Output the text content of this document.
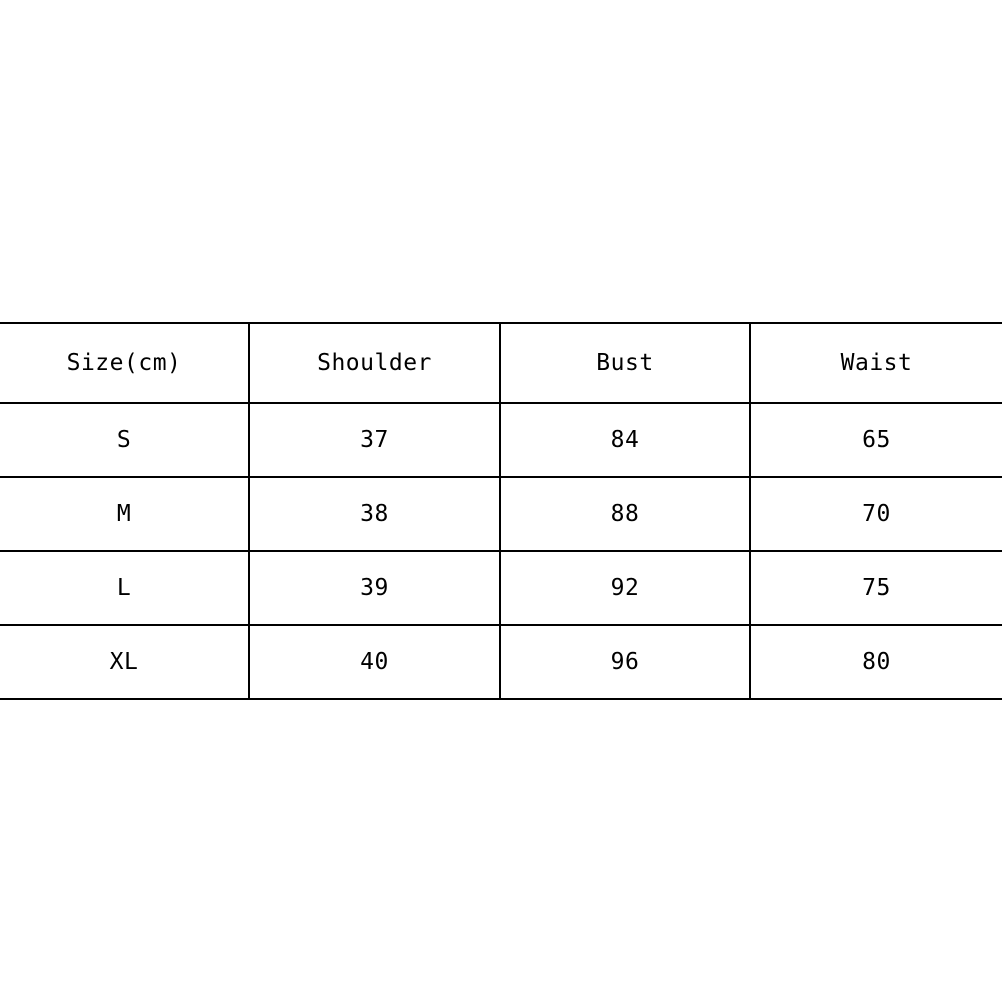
Size(cm)	Shoulder	Bust	Waist
S	37	84	65
M	38	88	70
L	39	92	75
XL	40	96	80
